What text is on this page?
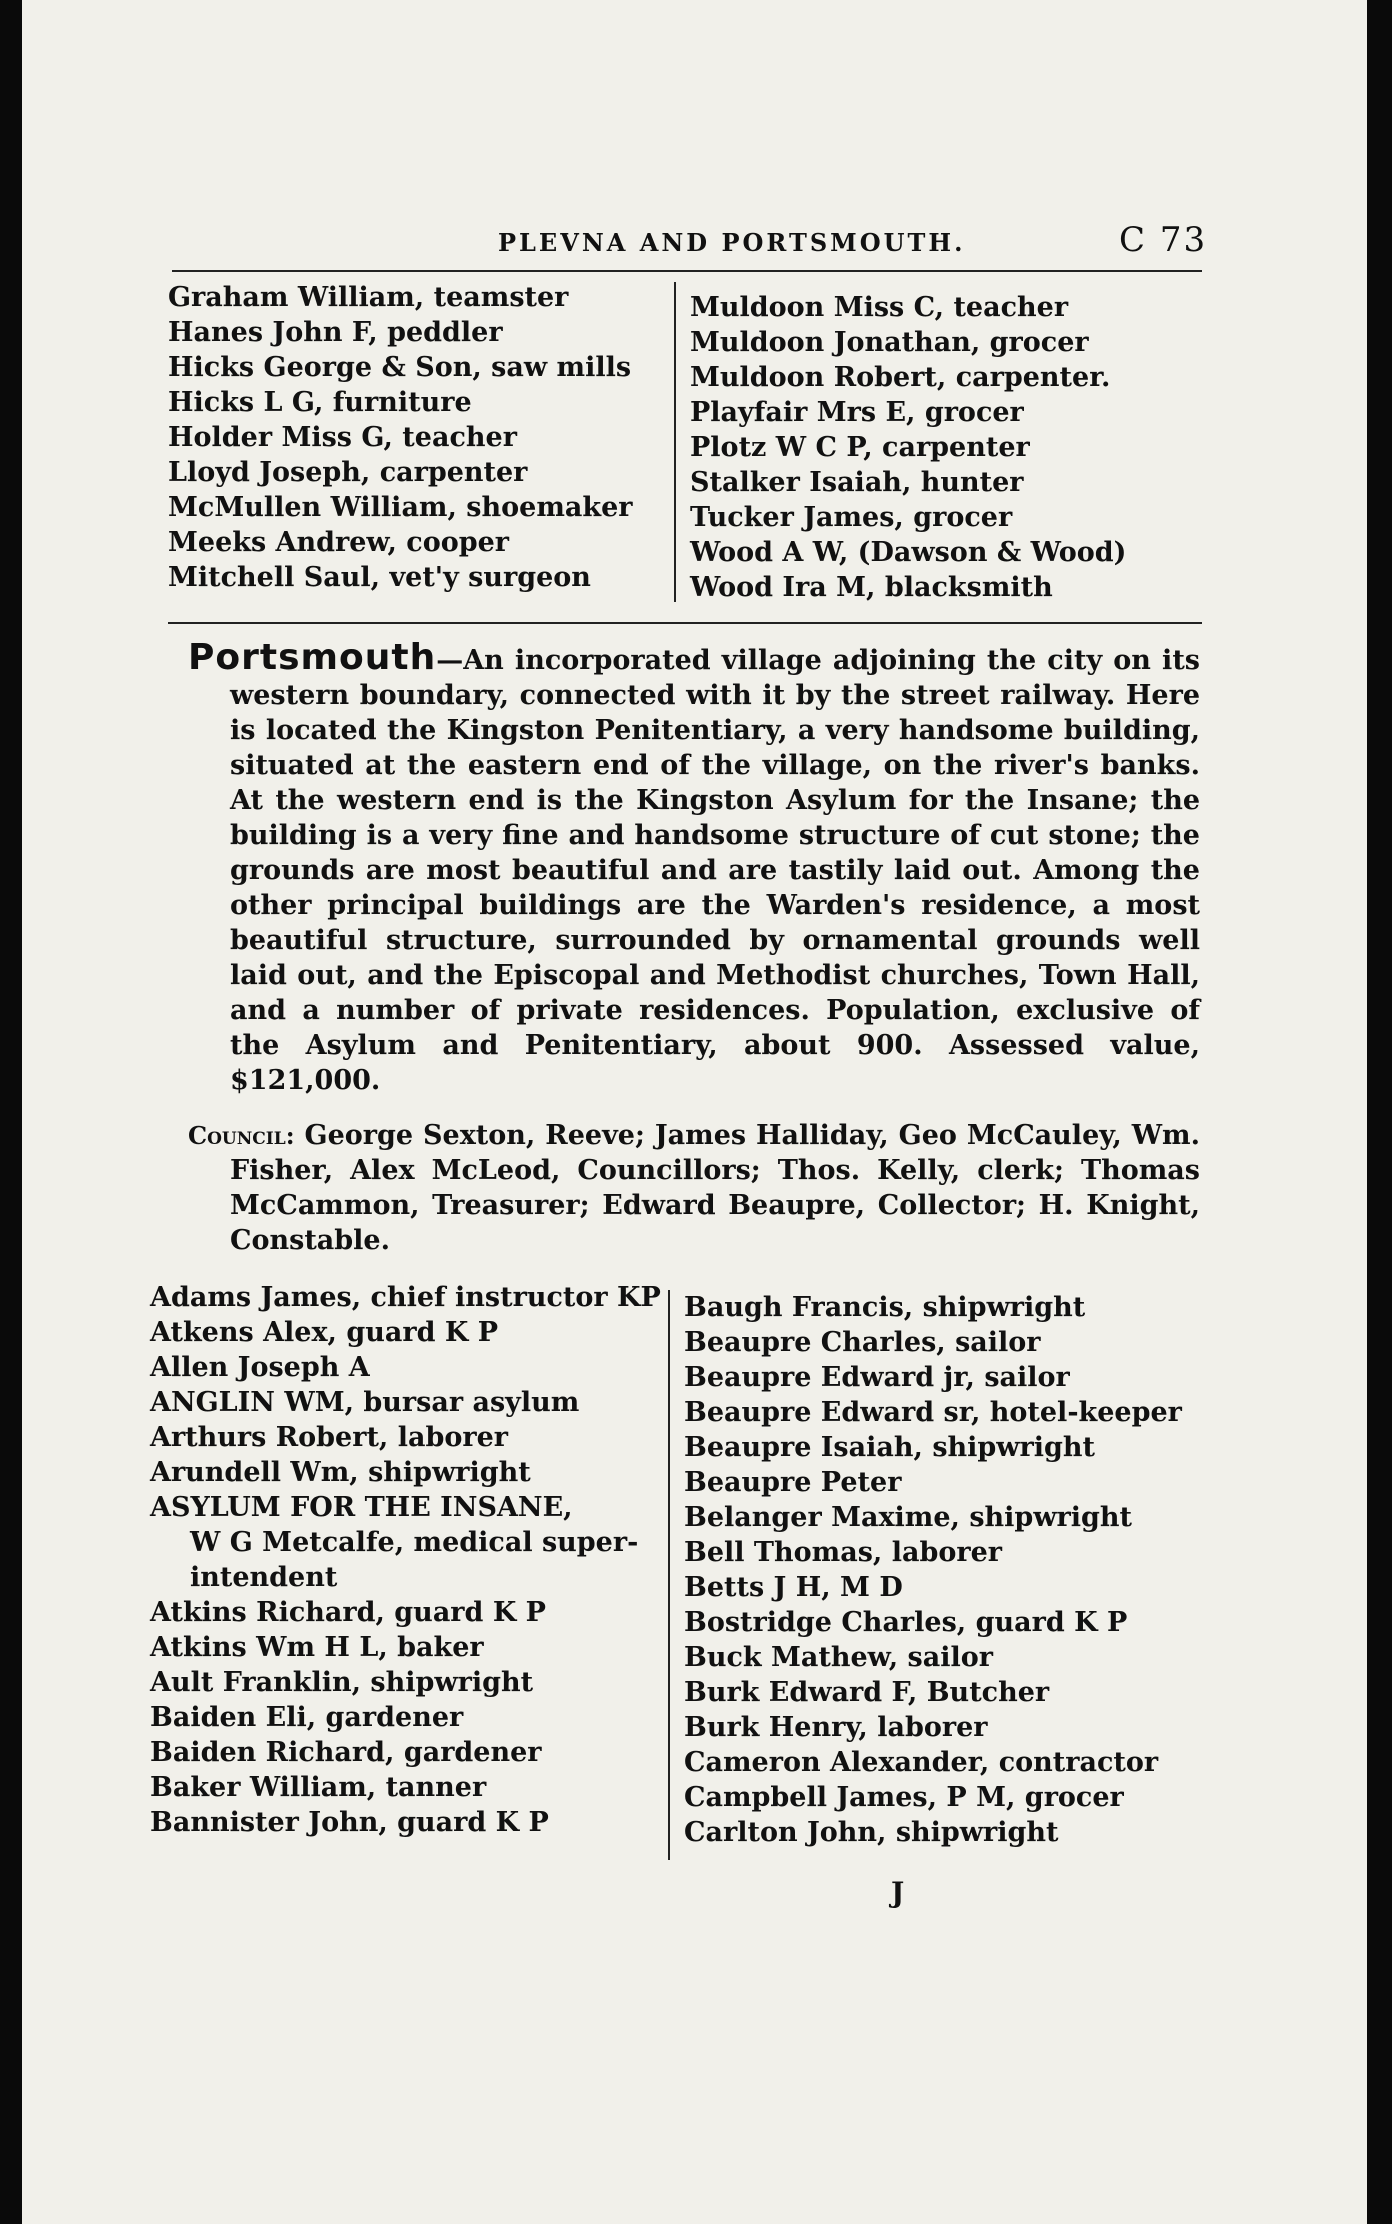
PLEVNA AND PORTSMOUTH.	C 73
Graham William, teamster
Hanes John F, peddler
Hicks George & Son, saw mills
Hicks L G, furniture
Holder Miss G, teacher
Lloyd Joseph, carpenter
McMullen William, shoemaker
Meeks Andrew, cooper
Mitchell Saul, vet'y surgeon
Muldoon Miss C, teacher
Muldoon Jonathan, grocer
Muldoon Robert, carpenter.
Playfair Mrs E, grocer
Plotz W C P, carpenter
Stalker Isaiah, hunter
Tucker James, grocer
Wood A W, (Dawson & Wood)
Wood Ira M, blacksmith
Portsmouth—An incorporated village adjoining the city on its western boundary, connected with it by the street railway. Here is located the Kingston Penitentiary, a very handsome building, situated at the eastern end of the village, on the river's banks. At the western end is the Kingston Asylum for the Insane; the building is a very fine and handsome structure of cut stone; the grounds are most beautiful and are tastily laid out. Among the other principal buildings are the Warden's residence, a most beautiful structure, surrounded by ornamental grounds well laid out, and the Episcopal and Methodist churches, Town Hall, and a number of private residences. Population, exclusive of the Asylum and Penitentiary, about 900. Assessed value, $121,000.
Council: George Sexton, Reeve; James Halliday, Geo McCauley, Wm. Fisher, Alex McLeod, Councillors; Thos. Kelly, clerk; Thomas McCammon, Treasurer; Edward Beaupre, Collector; H. Knight, Constable.
Adams James, chief instructor KP
Atkens Alex, guard K P
Allen Joseph A
ANGLIN WM, bursar asylum
Arthurs Robert, laborer
Arundell Wm, shipwright
ASYLUM FOR THE INSANE,
W G Metcalfe, medical super-
intendent
Atkins Richard, guard K P
Atkins Wm H L, baker
Ault Franklin, shipwright
Baiden Eli, gardener
Baiden Richard, gardener
Baker William, tanner
Bannister John, guard K P
Baugh Francis, shipwright
Beaupre Charles, sailor
Beaupre Edward jr, sailor
Beaupre Edward sr, hotel-keeper
Beaupre Isaiah, shipwright
Beaupre Peter
Belanger Maxime, shipwright
Bell Thomas, laborer
Betts J H, M D
Bostridge Charles, guard K P
Buck Mathew, sailor
Burk Edward F, Butcher
Burk Henry, laborer
Cameron Alexander, contractor
Campbell James, P M, grocer
Carlton John, shipwright
J
